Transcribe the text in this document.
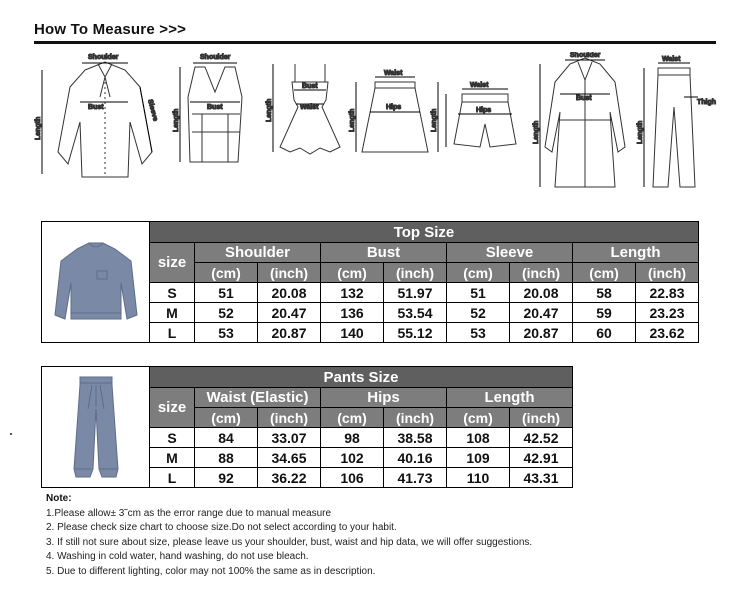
How To Measure >>>
Shoulder
Bust
Length
Sleeve
Shoulder
Bust
Length
Bust
Waist
Length
Waist
Hips
Length	Length
Waist
Hips
Shoulder
Bust
Length
Waist
Thigh
Length
	Top Size								
	size	Shoulder		Bust		Sleeve		Length	
		(cm)	(inch)	(cm)	(inch)	(cm)	(inch)	(cm)	(inch)
	S	51	20.08	132	51.97	51	20.08	58	22.83
	M	52	20.47	136	53.54	52	20.47	59	23.23
	L	53	20.87	140	55.12	53	20.87	60	23.62
	Pants Size						
	size	Waist (Elastic)		Hips		Length	
		(cm)	(inch)	(cm)	(inch)	(cm)	(inch)
	S	84	33.07	98	38.58	108	42.52
	M	88	34.65	102	40.16	109	42.91
	L	92	36.22	106	41.73	110	43.31
Note:
1.Please allow± 3˜cm as the error range due to manual measure
2. Please check size chart to choose size.Do not select according to your habit.
3. If still not sure about size, please leave us your shoulder, bust, waist and hip data, we will offer suggestions.
4. Washing in cold water, hand washing, do not use bleach.
5. Due to different lighting, color may not 100% the same as in description.
